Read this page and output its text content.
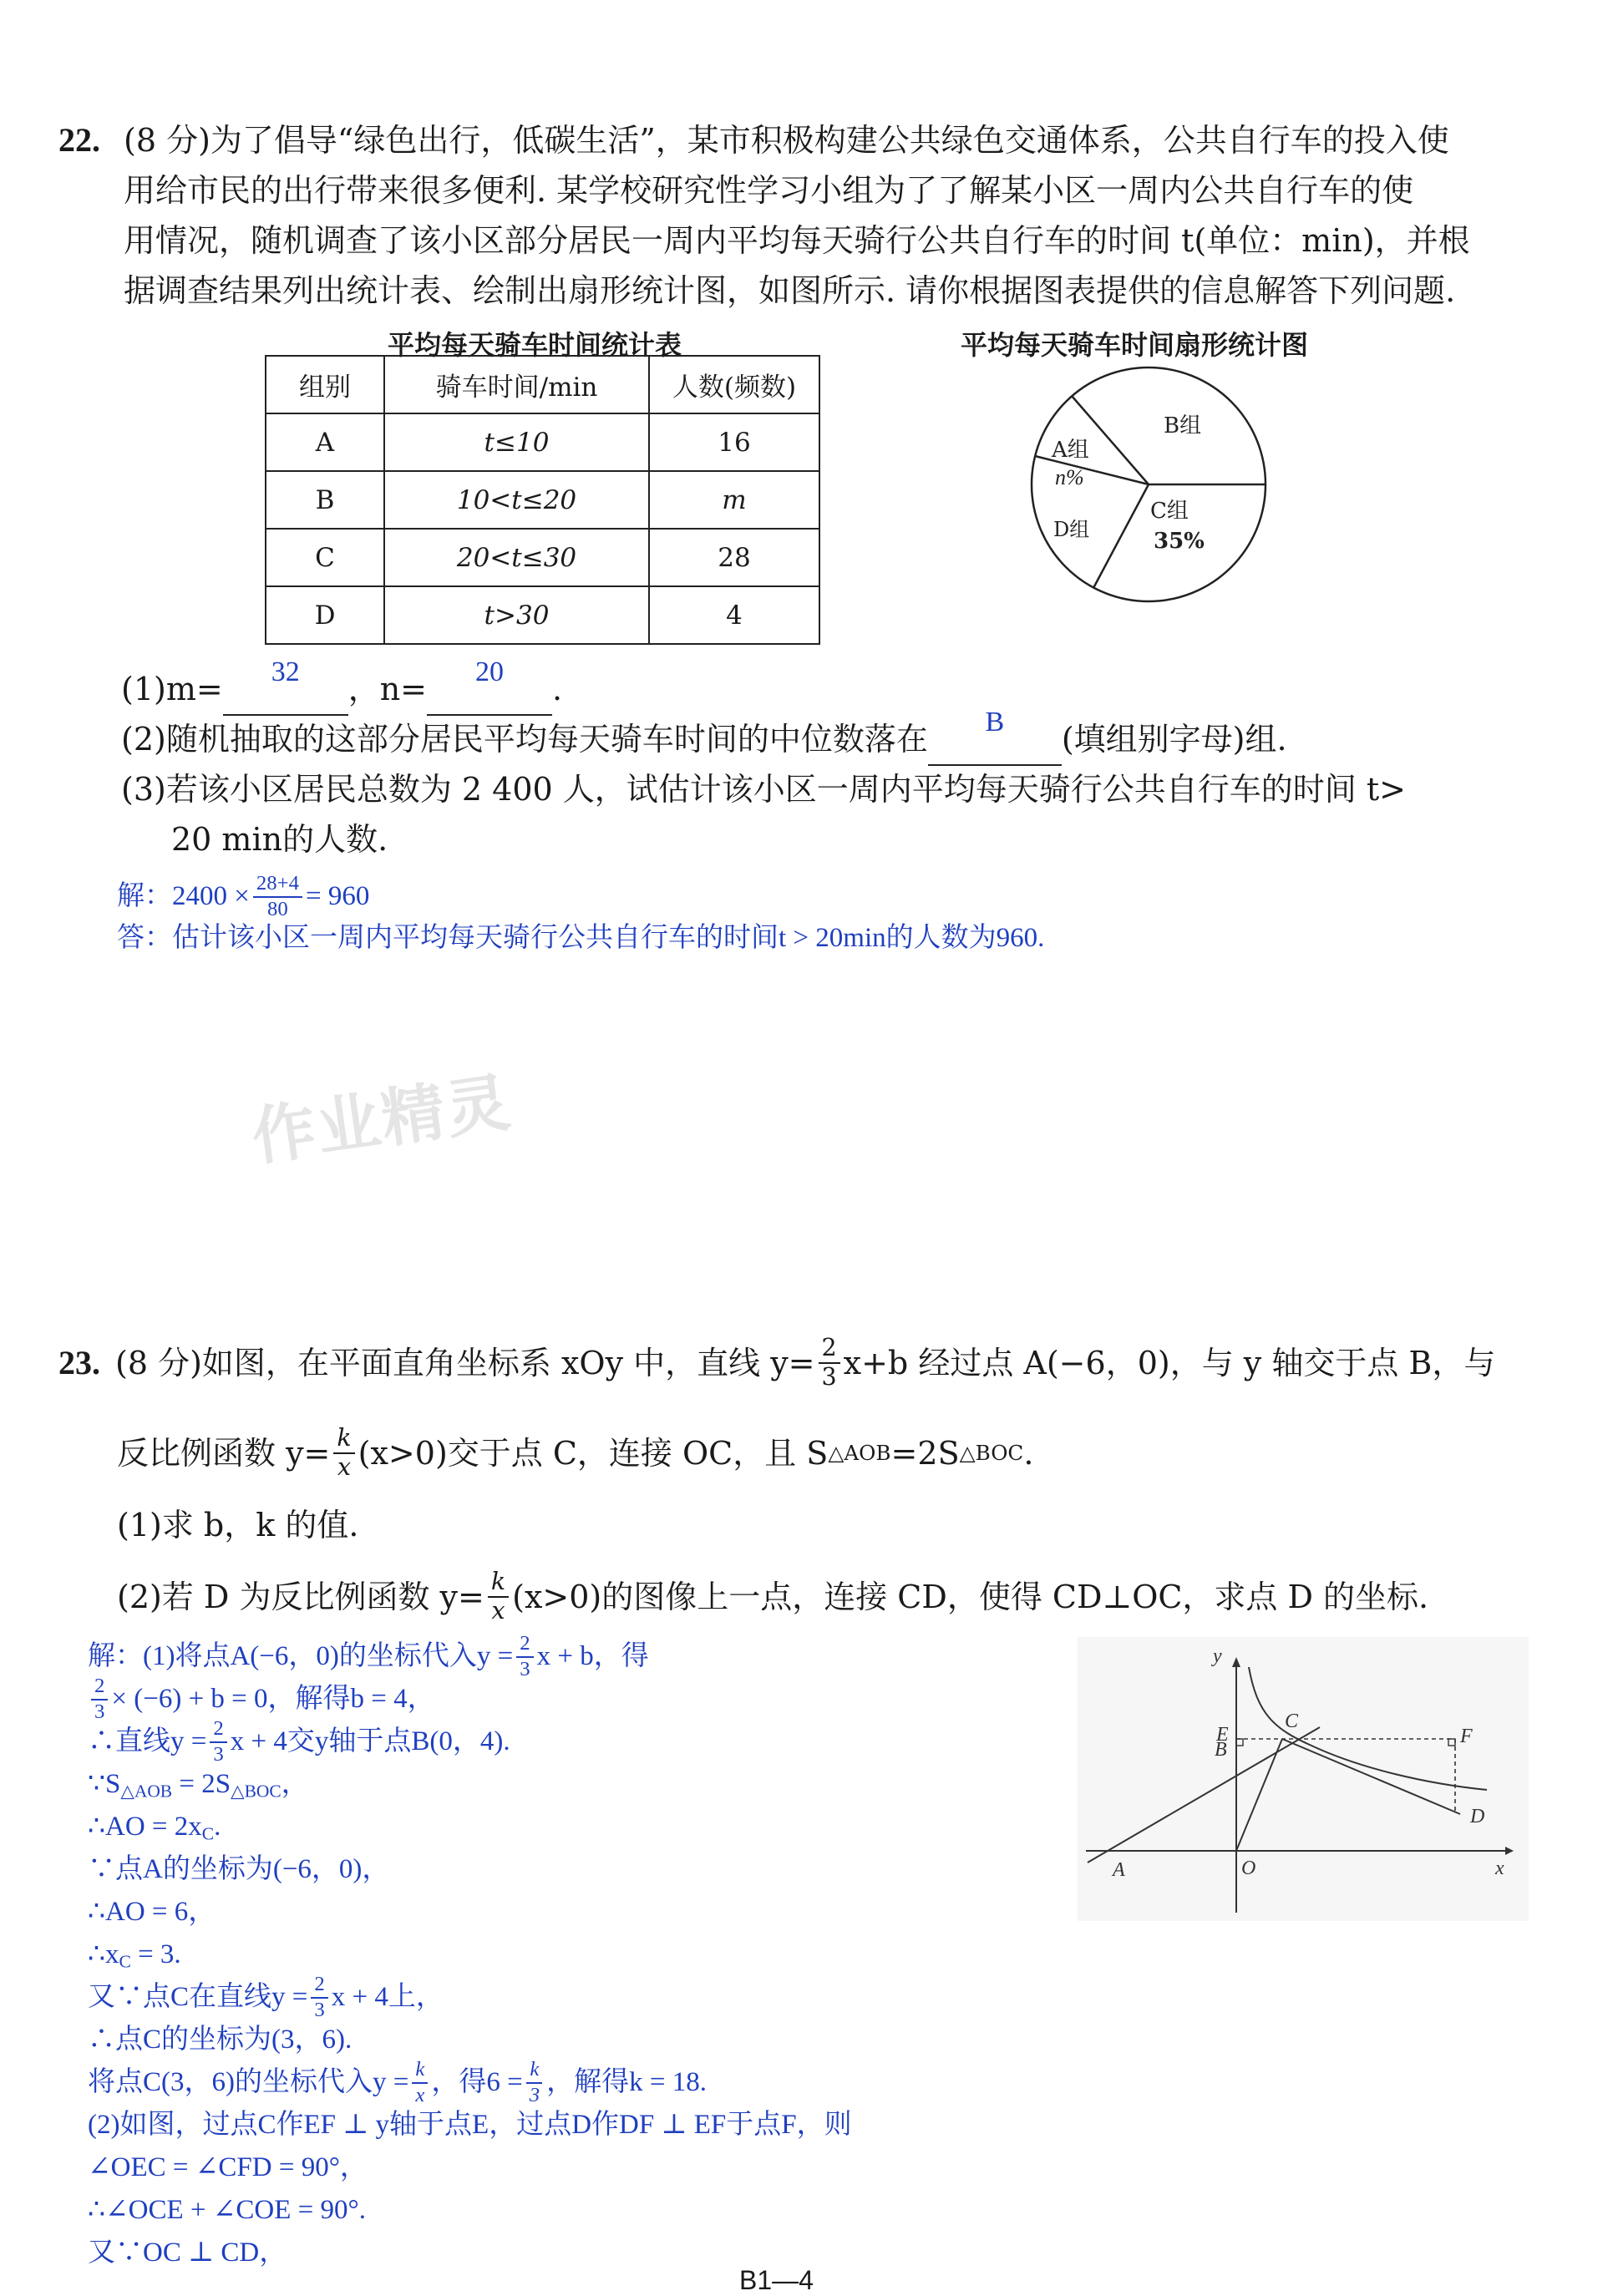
22. (8 分)为了倡导“绿色出行，低碳生活”，某市积极构建公共绿色交通体系，公共自行车的投入使
用给市民的出行带来很多便利. 某学校研究性学习小组为了了解某小区一周内公共自行车的使
用情况，随机调查了该小区部分居民一周内平均每天骑行公共自行车的时间 t(单位：min)，并根
据调查结果列出统计表、绘制出扇形统计图，如图所示. 请你根据图表提供的信息解答下列问题.
平均每天骑车时间统计表
组别	骑车时间/min	人数(频数)
A	t≤10	16
B	10<t≤20	m
C	20<t≤30	28
D	t>30	4
平均每天骑车时间扇形统计图
A组
n%
B组
C组
35%
D组
(1)m=	32	，n=	20	.
(2)随机抽取的这部分居民平均每天骑车时间的中位数落在	B	(填组别字母)组.
(3)若该小区居民总数为 2 400 人，试估计该小区一周内平均每天骑行公共自行车的时间 t>
20 min的人数.
解：$2400 \times \frac{28+4}{80} = 960$
答：估计该小区一周内平均每天骑行公共自行车的时间t > 20min的人数为960.
作业精灵
23. (8 分)如图，在平面直角坐标系 xOy 中，直线 $y= \frac{2}{3} x+b$ 经过点 A(−6，0)，与 y 轴交于点 B，与
反比例函数 $y= \frac{k}{x} (x>0)$交于点 C，连接 OC，且 S △AOB =2S △BOC .
(1)求 b，k 的值.
(2)若 D 为反比例函数 $y= \frac{k}{x} (x>0)$的图像上一点，连接 CD，使得 CD⊥OC，求点 D 的坐标.
解：(1)将点A(−6，0)的坐标代入$y = \frac{2}{3}$ x + b，得
$\frac{2}{3} \times (-6) + b = 0$，解得b = 4，
∴直线$y = \frac{2}{3}$ x + 4交y轴于点B(0，4).
$\because S_{\triangle AOB} = 2S_{\triangle BOC}$，
∴AO = $2x_C$.
∵点A的坐标为(−6，0)，
∴AO = 6，
$\therefore x_C = 3$.
又∵点C在直线$y = \frac{2}{3}$ x + 4上，
∴点C的坐标为(3，6).
将点C(3，6)的坐标代入$y = \frac{k}{x}$ ，得$6 = \frac{k}{3}$ ，解得k = 18.
(2)如图，过点C作EF ⊥ y轴于点E，过点D作DF ⊥ EF于点F，则
∠OEC = ∠CFD = 90°，
∴∠OCE + ∠COE = 90°.
又∵OC ⊥ CD，
y
x
O
A
B
C
D
E	F
B1—4
